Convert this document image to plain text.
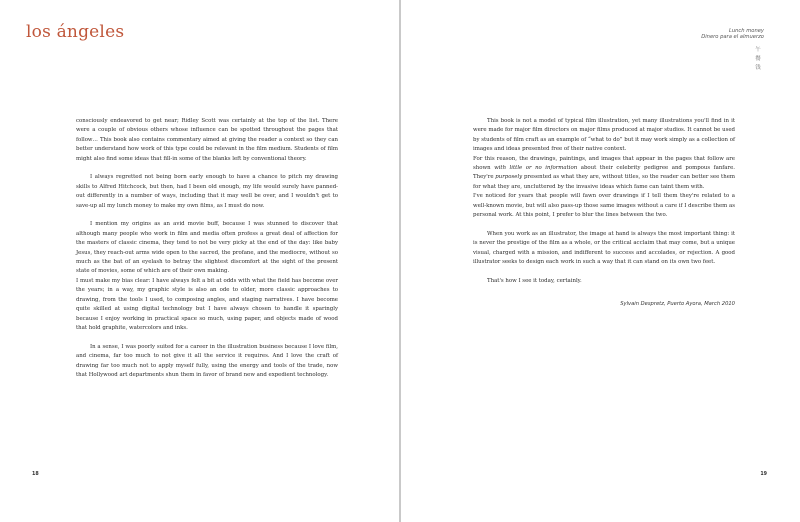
los ángeles

consciously endeavored to get near; Ridley Scott was certainly at the top of the list. There were a couple of obvious others whose influence can be spotted throughout the pages that follow… This book also contains commentary aimed at giving the reader a context so they can better understand how work of this type could be relevant in the film medium. Students of film might also find some ideas that fill-in some of the blanks left by conventional theory.

I always regretted not being born early enough to have a chance to pitch my drawing skills to Alfred Hitchcock, but then, had I been old enough, my life would surely have panned-out differently in a number of ways, including that it may well be over, and I wouldn't get to save-up all my lunch money to make my own films, as I must do now.

I mention my origins as an avid movie buff, because I was stunned to discover that although many people who work in film and media often profess a great deal of affection for the masters of classic cinema, they tend to not be very picky at the end of the day: like baby Jesus, they reach-out arms wide open to the sacred, the profane, and the mediocre, without so much as the bat of an eyelash to betray the slightest discomfort at the sight of the present state of movies, some of which are of their own making.

I must make my bias clear: I have always felt a bit at odds with what the field has become over the years; in a way, my graphic style is also an ode to older, more classic approaches to drawing, from the tools I used, to composing angles, and staging narratives. I have become quite skilled at using digital technology but I have always chosen to handle it sparingly because I enjoy working in practical space so much, using paper, and objects made of wood that hold graphite, watercolors and inks.

In a sense, I was poorly suited for a career in the illustration business because I love film, and cinema, far too much to not give it all the service it requires. And I love the craft of drawing far too much not to apply myself fully, using the energy and tools of the trade, now that Hollywood art departments shun them in favor of brand new and expedient technology.

18
Lunch money
Dinero para el almuerzo
午
餐
钱

This book is not a model of typical film illustration, yet many illustrations you'll find in it were made for major film directors on major films produced at major studios. It cannot be used by students of film craft as an example of “what to do” but it may work simply as a collection of images and ideas presented free of their native context.

For this reason, the drawings, paintings, and images that appear in the pages that follow are shown with little or no information about their celebrity pedigree and pompous fanfare. They're purposely presented as what they are, without titles, so the reader can better see them for what they are, uncluttered by the invasive ideas which fame can taint them with.

I've noticed for years that people will fawn over drawings if I tell them they're related to a well-known movie, but will also pass-up those same images without a care if I describe them as personal work. At this point, I prefer to blur the lines between the two.

When you work as an illustrator, the image at hand is always the most important thing: it is never the prestige of the film as a whole, or the critical acclaim that may come, but a unique visual, charged with a mission, and indifferent to success and accolades, or rejection. A good illustrator seeks to design each work in such a way that it can stand on its own two feet.

That's how I see it today, certainly.

Sylvain Despretz, Puerto Ayora, March 2010

19
